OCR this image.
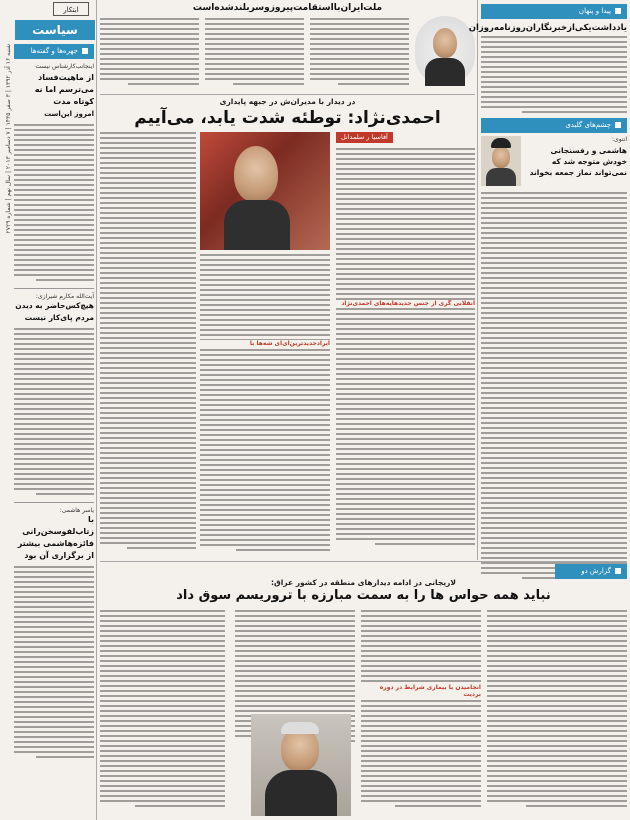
ابتکار
سیاست
شنبه ۱۶ آذر ۱۳۹۲ | ۳ صفر ۱۴۳۵ | ۷ دسامبر ۲۰۱۳ | سال نهم | شماره ۲۷۲۹	جهره‌ها و گفته‌ها
اینجانب‌کارشناس‌ نیست
از ماهیت‌فساد می‌ترسم اما نه کوتاه مدت
امروز این‌است
آیت‌الله مکارم شیرازی:
هیچ‌کس‌حاضر به دیدن مردم پای‌کار نیست
یاسر هاشمی:
با زتاب‌لفوسخن‌رانی فائزه‌هاشمی بیشتر از برگزاری آن بود
ملت‌ایران‌با‌استقامت‌پیروز‌و‌سربلند‌شده‌است
در‌ دیدار‌ با‌ مدیران‌‌ش در جبهه‌ پایداری
احمدی‌نژاد: توطئه‌ شدت‌ یابد،‌ می‌آییم
آفاسیا ر سلمدانل
انقلابی‌ گری از جنس جدید‌هایه‌های احمدی‌نژاد
ایراد‌جدیدترین‌ای‌ای‌ شه‌ها با
پیدا و پنهان
یادداشت‌یکی‌از‌خبرنگاران‌روزنامه‌روزان
چشم‌های گلبدی
انتوی:
هاشمی‌ و‌ رفسنجانی‌ خودش‌ متوجه‌ شد‌ که‌ نمی‌تواند نماز جمعه‌ بخواند
گزارش دو
لاریجانی‌ در‌ ادامه‌ دیدار‌های‌ منطقه‌ در‌ کشور‌ عراق:
نباید‌ همه‌ حواس‌ ها‌ را‌ به‌ سمت‌ مبارزه‌ با‌ تروریسم‌ سوق‌ داد
انجامیدن‌ با‌ بیماری‌ شرایط‌ در‌ دوره‌ بردیت
